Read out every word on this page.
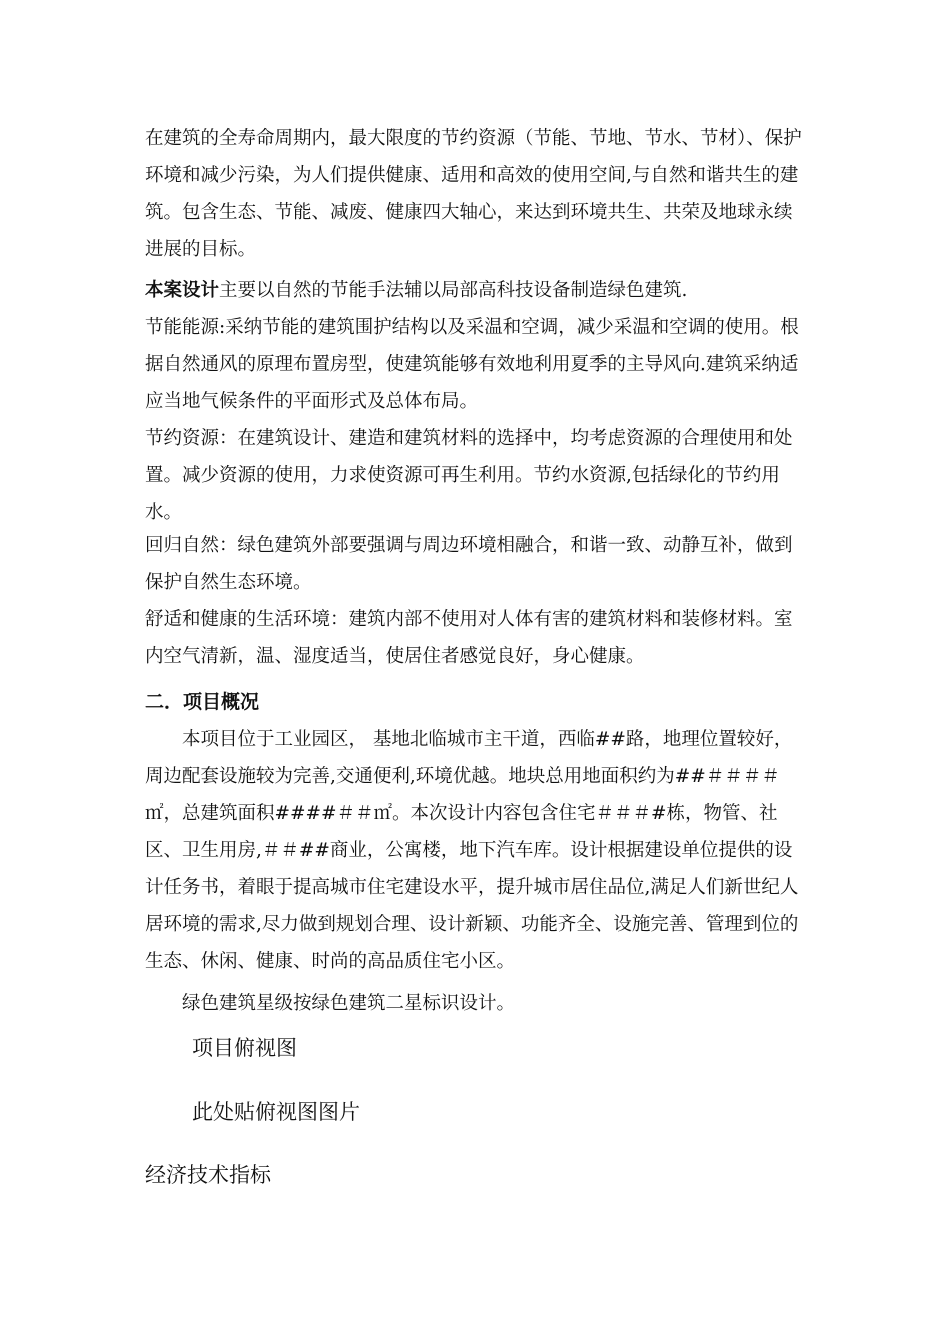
在建筑的全寿命周期内，最大限度的节约资源（节能、节地、节水、节材）、保护环境和减少污染，为人们提供健康、适用和高效的使用空间,与自然和谐共生的建筑。包含生态、节能、减废、健康四大轴心，来达到环境共生、共荣及地球永续进展的目标。

本案设计主要以自然的节能手法辅以局部高科技设备制造绿色建筑.

节能能源:采纳节能的建筑围护结构以及采温和空调，减少采温和空调的使用。根据自然通风的原理布置房型，使建筑能够有效地利用夏季的主导风向.建筑采纳适应当地气候条件的平面形式及总体布局。

节约资源：在建筑设计、建造和建筑材料的选择中，均考虑资源的合理使用和处置。减少资源的使用，力求使资源可再生利用。节约水资源,包括绿化的节约用水。

回归自然：绿色建筑外部要强调与周边环境相融合，和谐一致、动静互补，做到保护自然生态环境。

舒适和健康的生活环境：建筑内部不使用对人体有害的建筑材料和装修材料。室内空气清新，温、湿度适当，使居住者感觉良好，身心健康。

二．项目概况

本项目位于工业园区， 基地北临城市主干道，西临##路，地理位置较好，周边配套设施较为完善,交通便利,环境优越。地块总用地面积约为##＃＃＃＃㎡，总建筑面积####＃＃㎡。本次设计内容包含住宅＃＃＃#栋，物管、社区、卫生用房,＃＃##商业，公寓楼，地下汽车库。设计根据建设单位提供的设计任务书，着眼于提高城市住宅建设水平，提升城市居住品位,满足人们新世纪人居环境的需求,尽力做到规划合理、设计新颖、功能齐全、设施完善、管理到位的生态、休闲、健康、时尚的高品质住宅小区。

绿色建筑星级按绿色建筑二星标识设计。

项目俯视图
此处贴俯视图图片
经济技术指标
